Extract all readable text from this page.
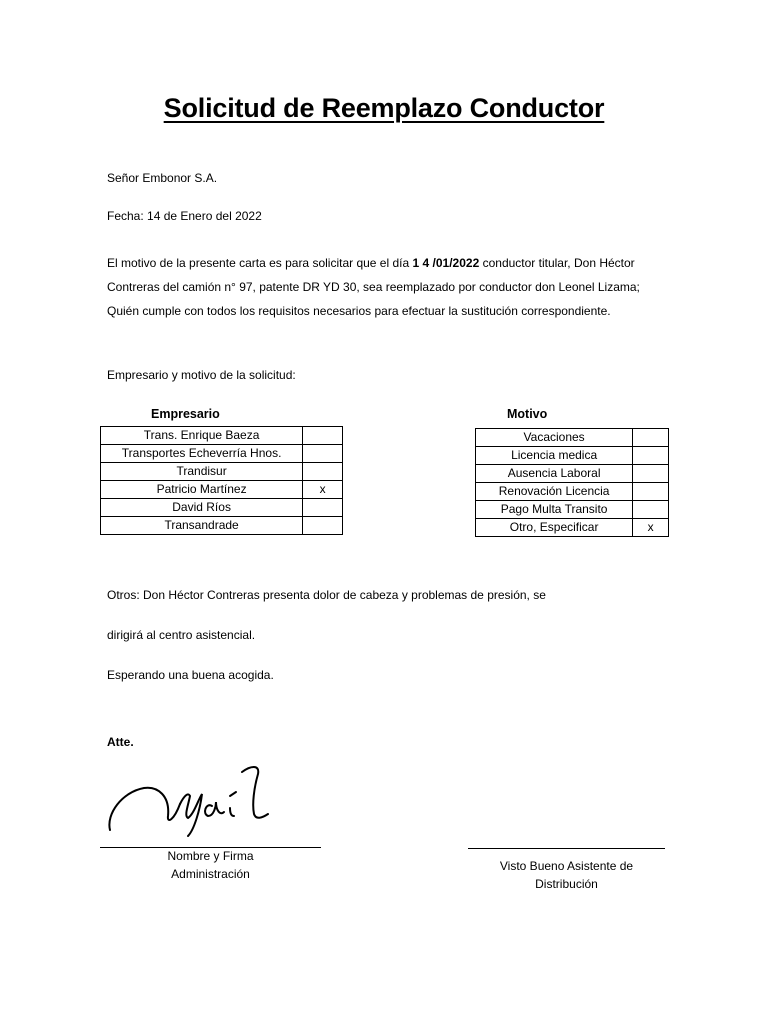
Solicitud de Reemplazo Conductor
Señor Embonor S.A.
Fecha: 14 de Enero del 2022

El motivo de la presente carta es para solicitar que el día 1 4 /01/2022 conductor titular, Don Héctor

Contreras del camión n° 97, patente DR YD 30, sea reemplazado por conductor don Leonel Lizama;

Quién cumple con todos los requisitos necesarios para efectuar la sustitución correspondiente.

Empresario y motivo de la solicitud:
Empresario	Motivo
Trans. Enrique Baeza	
Transportes Echeverría Hnos.	
Trandisur	
Patricio Martínez	x
David Ríos	
Transandrade	
Vacaciones	
Licencia medica	
Ausencia Laboral	
Renovación Licencia	
Pago Multa Transito	
Otro, Especificar	x
Otros: Don Héctor Contreras presenta dolor de cabeza y problemas de presión, se
dirigirá al centro asistencial.
Esperando una buena acogida.
Atte.
Nombre y Firma
Administración
Visto Bueno Asistente de
Distribución
